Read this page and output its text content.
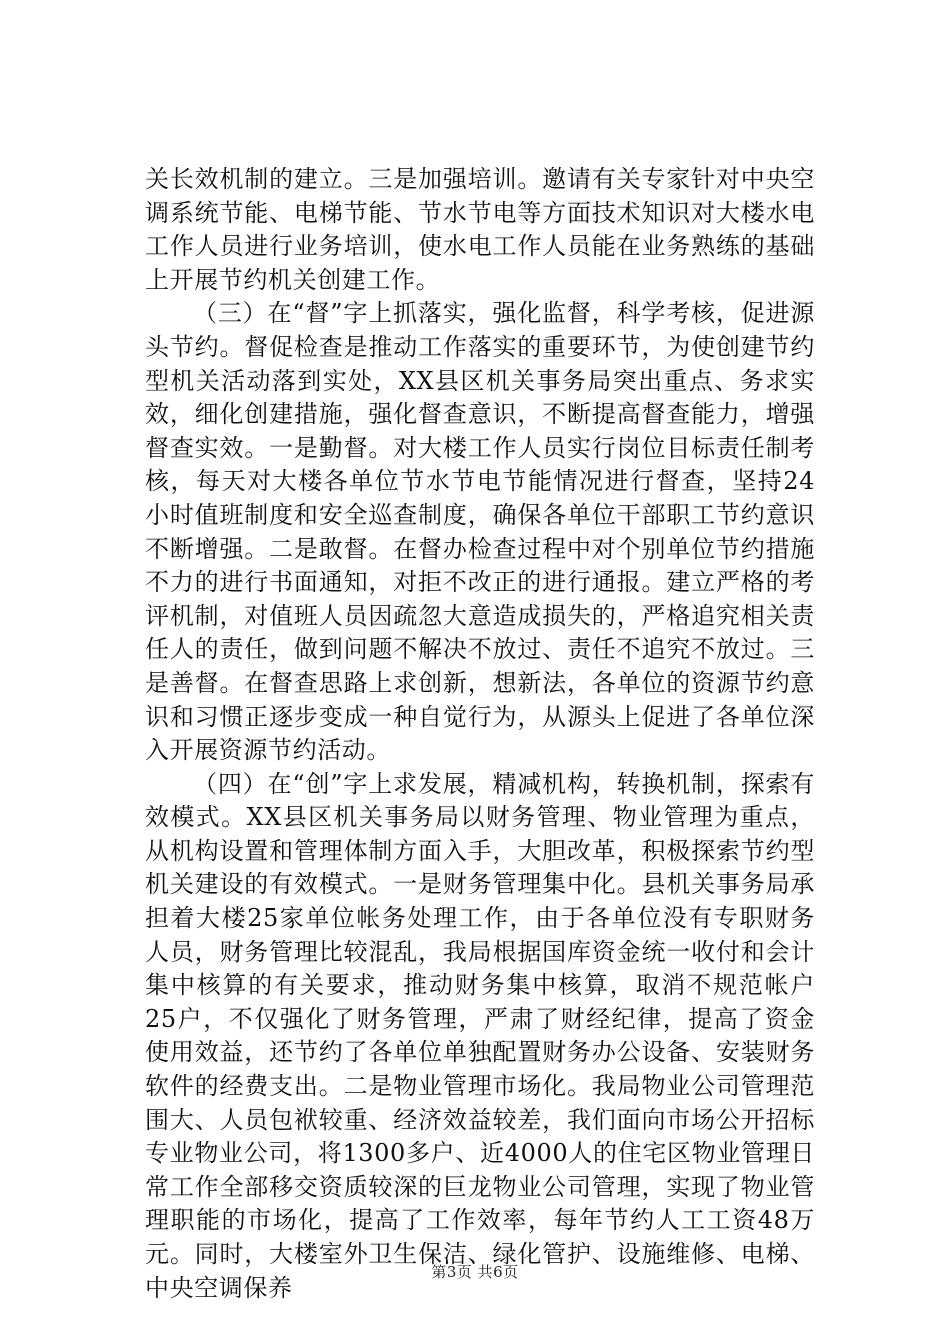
关长效机制的建立。三是加强培训。邀请有关专家针对中央空调系统节能、电梯节能、节水节电等方面技术知识对大楼水电工作人员进行业务培训，使水电工作人员能在业务熟练的基础上开展节约机关创建工作。

（三）在“督”字上抓落实，强化监督，科学考核，促进源头节约。督促检查是推动工作落实的重要环节，为使创建节约型机关活动落到实处，XX县区机关事务局突出重点、务求实效，细化创建措施，强化督查意识，不断提高督查能力，增强督查实效。一是勤督。对大楼工作人员实行岗位目标责任制考核，每天对大楼各单位节水节电节能情况进行督查，坚持24小时值班制度和安全巡查制度，确保各单位干部职工节约意识不断增强。二是敢督。在督办检查过程中对个别单位节约措施不力的进行书面通知，对拒不改正的进行通报。建立严格的考评机制，对值班人员因疏忽大意造成损失的，严格追究相关责任人的责任，做到问题不解决不放过、责任不追究不放过。三是善督。在督查思路上求创新，想新法，各单位的资源节约意识和习惯正逐步变成一种自觉行为，从源头上促进了各单位深入开展资源节约活动。

（四）在“创”字上求发展，精减机构，转换机制，探索有效模式。XX县区机关事务局以财务管理、物业管理为重点，从机构设置和管理体制方面入手，大胆改革，积极探索节约型机关建设的有效模式。一是财务管理集中化。县机关事务局承担着大楼25家单位帐务处理工作，由于各单位没有专职财务人员，财务管理比较混乱，我局根据国库资金统一收付和会计集中核算的有关要求，推动财务集中核算，取消不规范帐户25户，不仅强化了财务管理，严肃了财经纪律，提高了资金使用效益，还节约了各单位单独配置财务办公设备、安装财务软件的经费支出。二是物业管理市场化。我局物业公司管理范围大、人员包袱较重、经济效益较差，我们面向市场公开招标专业物业公司，将1300多户、近4000人的住宅区物业管理日常工作全部移交资质较深的巨龙物业公司管理，实现了物业管理职能的市场化，提高了工作效率，每年节约人工工资48万元。同时，大楼室外卫生保洁、绿化管护、设施维修、电梯、中央空调保养

第3页 共6页
